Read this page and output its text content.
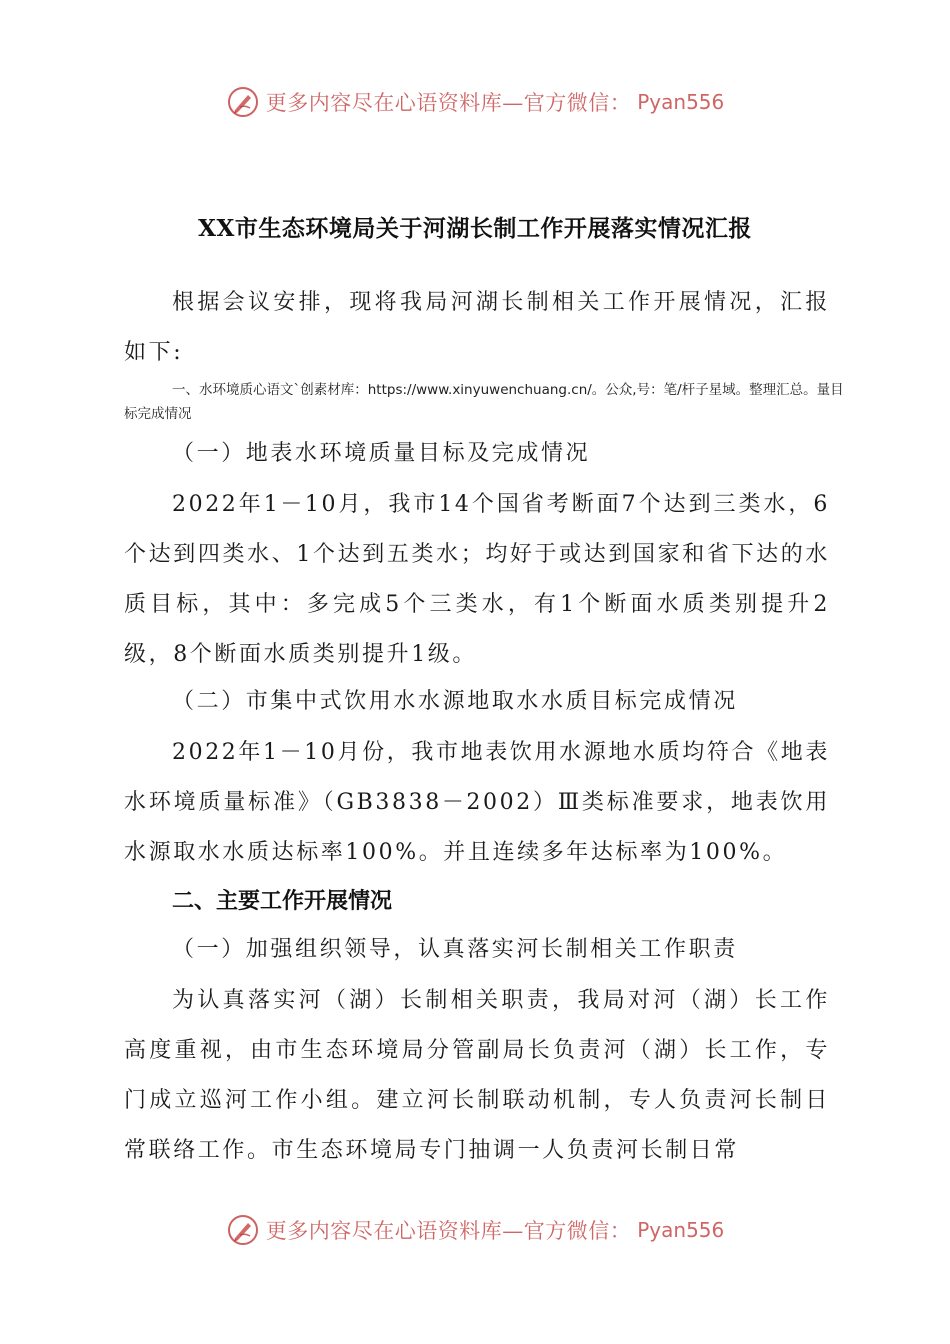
更多内容尽在心语资料库—官方微信： Pyan556
XX市生态环境局关于河湖长制工作开展落实情况汇报
根据会议安排，现将我局河湖长制相关工作开展情况，汇报如下:
一、水环境质心语文`创素材库：https://www.xinyuwenchuang.cn/。公众,号：笔/杆子星域。整理汇总。量目标完成情况
（一）地表水环境质量目标及完成情况
2022年1－10月，我市14个国省考断面7个达到三类水，6个达到四类水、1个达到五类水；均好于或达到国家和省下达的水质目标，其中：多完成5个三类水，有1个断面水质类别提升2级，8个断面水质类别提升1级。
（二）市集中式饮用水水源地取水水质目标完成情况
2022年1－10月份，我市地表饮用水源地水质均符合《地表水环境质量标准》（GB3838－2002）Ⅲ类标准要求，地表饮用水源取水水质达标率100%。并且连续多年达标率为100%。
二、主要工作开展情况
（一）加强组织领导，认真落实河长制相关工作职责
为认真落实河（湖）长制相关职责，我局对河（湖）长工作高度重视，由市生态环境局分管副局长负责河（湖）长工作，专门成立巡河工作小组。建立河长制联动机制，专人负责河长制日常联络工作。市生态环境局专门抽调一人负责河长制日常
更多内容尽在心语资料库—官方微信： Pyan556
